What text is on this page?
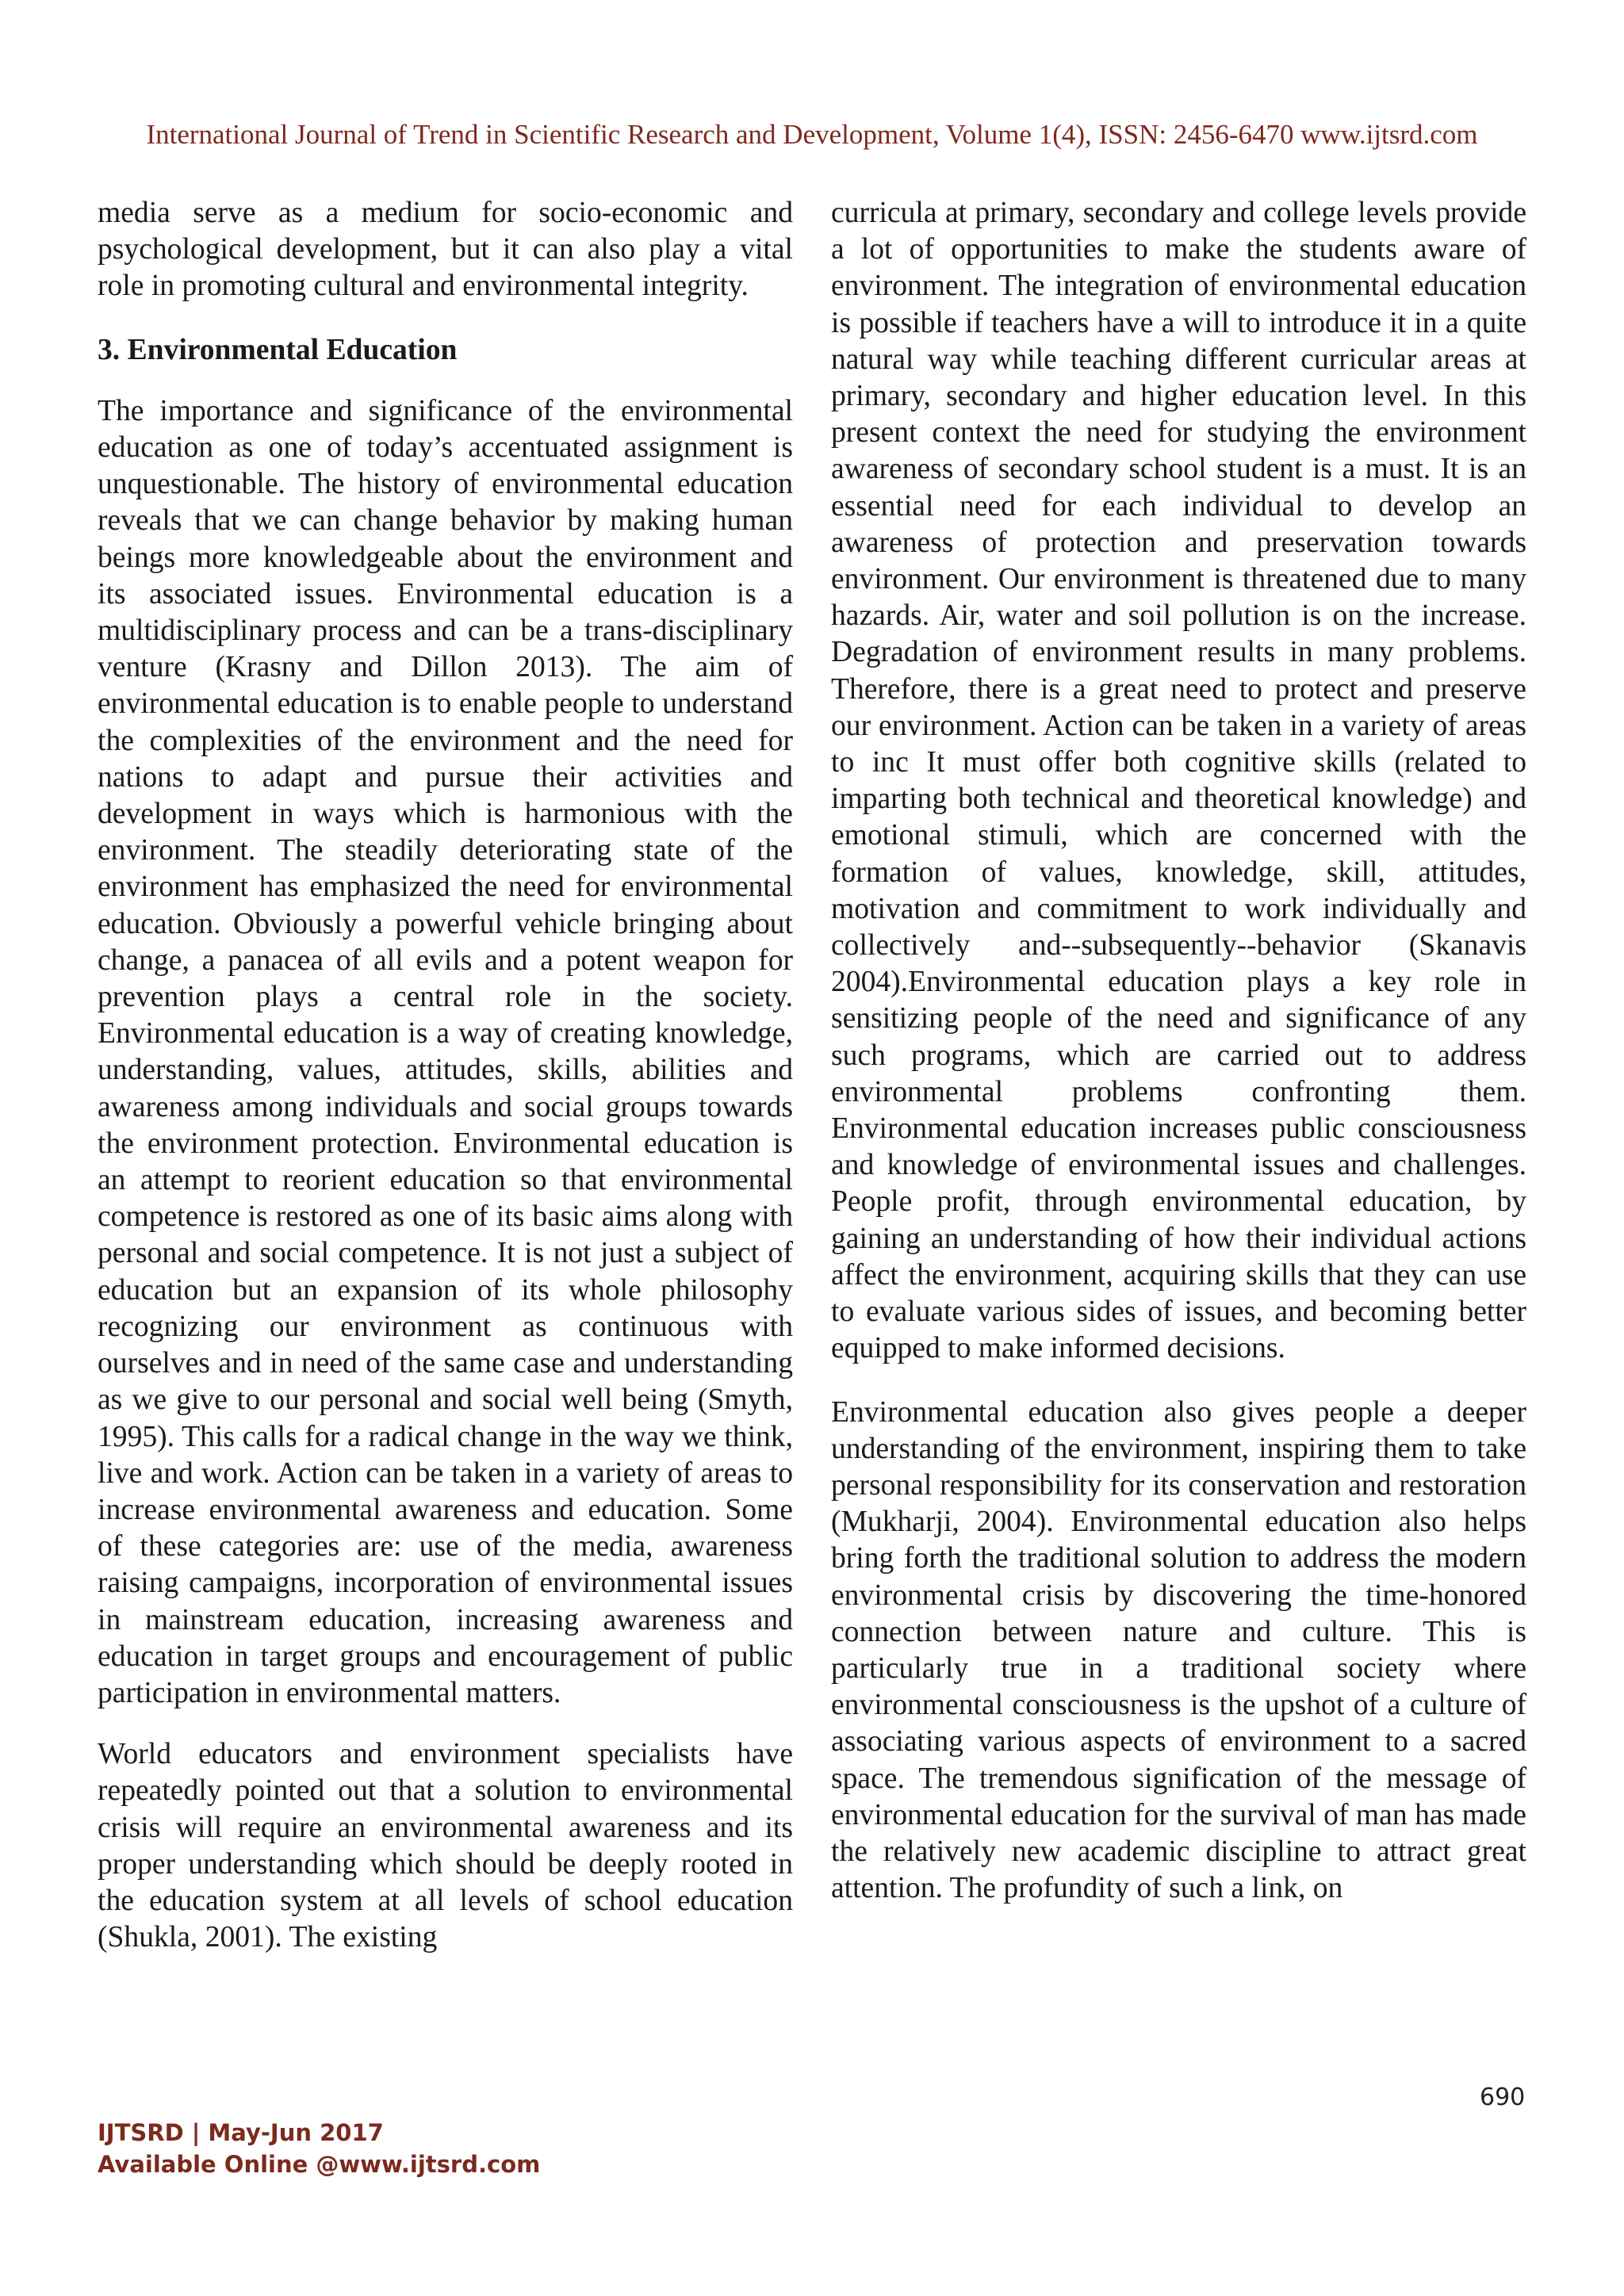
International Journal of Trend in Scientific Research and Development, Volume 1(4), ISSN: 2456-6470 www.ijtsrd.com

media serve as a medium for socio-economic and psychological development, but it can also play a vital role in promoting cultural and environmental integrity.

3. Environmental Education

The importance and significance of the environmental education as one of today’s accentuated assignment is unquestionable. The history of environmental education reveals that we can change behavior by making human beings more knowledgeable about the environment and its associated issues. Environmental education is a multidisciplinary process and can be a trans-disciplinary venture (Krasny and Dillon 2013). The aim of environmental education is to enable people to understand the complexities of the environment and the need for nations to adapt and pursue their activities and development in ways which is harmonious with the environment. The steadily deteriorating state of the environment has emphasized the need for environmental education. Obviously a powerful vehicle bringing about change, a panacea of all evils and a potent weapon for prevention plays a central role in the society. Environmental education is a way of creating knowledge, understanding, values, attitudes, skills, abilities and awareness among individuals and social groups towards the environment protection. Environmental education is an attempt to reorient education so that environmental competence is restored as one of its basic aims along with personal and social competence. It is not just a subject of education but an expansion of its whole philosophy recognizing our environment as continuous with ourselves and in need of the same case and understanding as we give to our personal and social well being (Smyth, 1995). This calls for a radical change in the way we think, live and work. Action can be taken in a variety of areas to increase environmental awareness and education. Some of these categories are: use of the media, awareness raising campaigns, incorporation of environmental issues in mainstream education, increasing awareness and education in target groups and encouragement of public participation in environmental matters.

World educators and environment specialists have repeatedly pointed out that a solution to environmental crisis will require an environmental awareness and its proper understanding which should be deeply rooted in the education system at all levels of school education (Shukla, 2001). The existing

curricula at primary, secondary and college levels provide a lot of opportunities to make the students aware of environment. The integration of environmental education is possible if teachers have a will to introduce it in a quite natural way while teaching different curricular areas at primary, secondary and higher education level. In this present context the need for studying the environment awareness of secondary school student is a must. It is an essential need for each individual to develop an awareness of protection and preservation towards environment. Our environment is threatened due to many hazards. Air, water and soil pollution is on the increase. Degradation of environment results in many problems. Therefore, there is a great need to protect and preserve our environment. Action can be taken in a variety of areas to inc It must offer both cognitive skills (related to imparting both technical and theoretical knowledge) and emotional stimuli, which are concerned with the formation of values, knowledge, skill, attitudes, motivation and commitment to work individually and collectively and--subsequently--behavior (Skanavis 2004).Environmental education plays a key role in sensitizing people of the need and significance of any such programs, which are carried out to address environmental problems confronting them. Environmental education increases public consciousness and knowledge of environmental issues and challenges. People profit, through environmental education, by gaining an understanding of how their individual actions affect the environment, acquiring skills that they can use to evaluate various sides of issues, and becoming better equipped to make informed decisions.

Environmental education also gives people a deeper understanding of the environment, inspiring them to take personal responsibility for its conservation and restoration (Mukharji, 2004). Environmental education also helps bring forth the traditional solution to address the modern environmental crisis by discovering the time-honored connection between nature and culture. This is particularly true in a traditional society where environmental consciousness is the upshot of a culture of associating various aspects of environment to a sacred space. The tremendous signification of the message of environmental education for the survival of man has made the relatively new academic discipline to attract great attention. The profundity of such a link, on

690
IJTSRD | May-Jun 2017
Available Online @www.ijtsrd.com
